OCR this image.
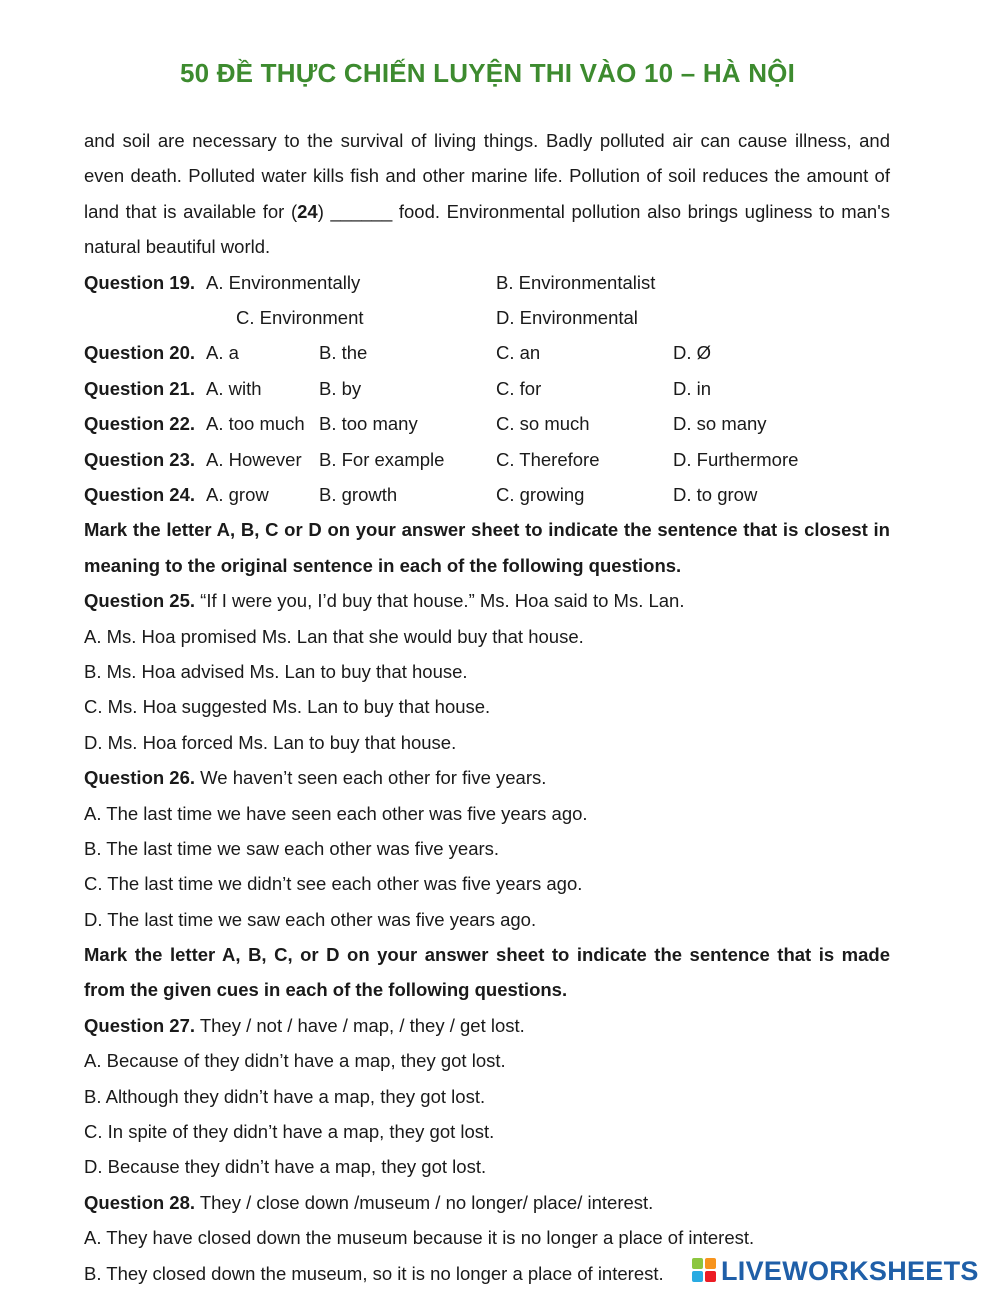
50 ĐỀ THỰC CHIẾN LUYỆN THI VÀO 10 – HÀ NỘI

and soil are necessary to the survival of living things. Badly polluted air can cause illness, and even death. Polluted water kills fish and other marine life. Pollution of soil reduces the amount of land that is available for (24) ______ food. Environmental pollution also brings ugliness to man's natural beautiful world.

Question 19. A. Environmentally	B. Environmentalist
C. Environment	D. Environmental
Question 20. A. a	B. the	C. an	D. Ø
Question 21. A. with	B. by	C. for	D. in
Question 22. A. too much B. too many	C. so much	D. so many
Question 23. A. However B. For example	C. Therefore	D. Furthermore
Question 24. A. grow	B. growth	C. growing	D. to grow

Mark the letter A, B, C or D on your answer sheet to indicate the sentence that is closest in meaning to the original sentence in each of the following questions.

Question 25. “If I were you, I’d buy that house.” Ms. Hoa said to Ms. Lan.
A. Ms. Hoa promised Ms. Lan that she would buy that house.
B. Ms. Hoa advised Ms. Lan to buy that house.
C. Ms. Hoa suggested Ms. Lan to buy that house.
D. Ms. Hoa forced Ms. Lan to buy that house.
Question 26. We haven’t seen each other for five years.
A. The last time we have seen each other was five years ago.
B. The last time we saw each other was five years.
C. The last time we didn’t see each other was five years ago.
D. The last time we saw each other was five years ago.

Mark the letter A, B, C, or D on your answer sheet to indicate the sentence that is made from the given cues in each of the following questions.

Question 27. They / not / have / map, / they / get lost.
A. Because of they didn’t have a map, they got lost.
B. Although they didn’t have a map, they got lost.
C. In spite of they didn’t have a map, they got lost.
D. Because they didn’t have a map, they got lost.
Question 28. They / close down /museum / no longer/ place/ interest.
A. They have closed down the museum because it is no longer a place of interest.
B. They closed down the museum, so it is no longer a place of interest.	LIVEWORKSHEETS
